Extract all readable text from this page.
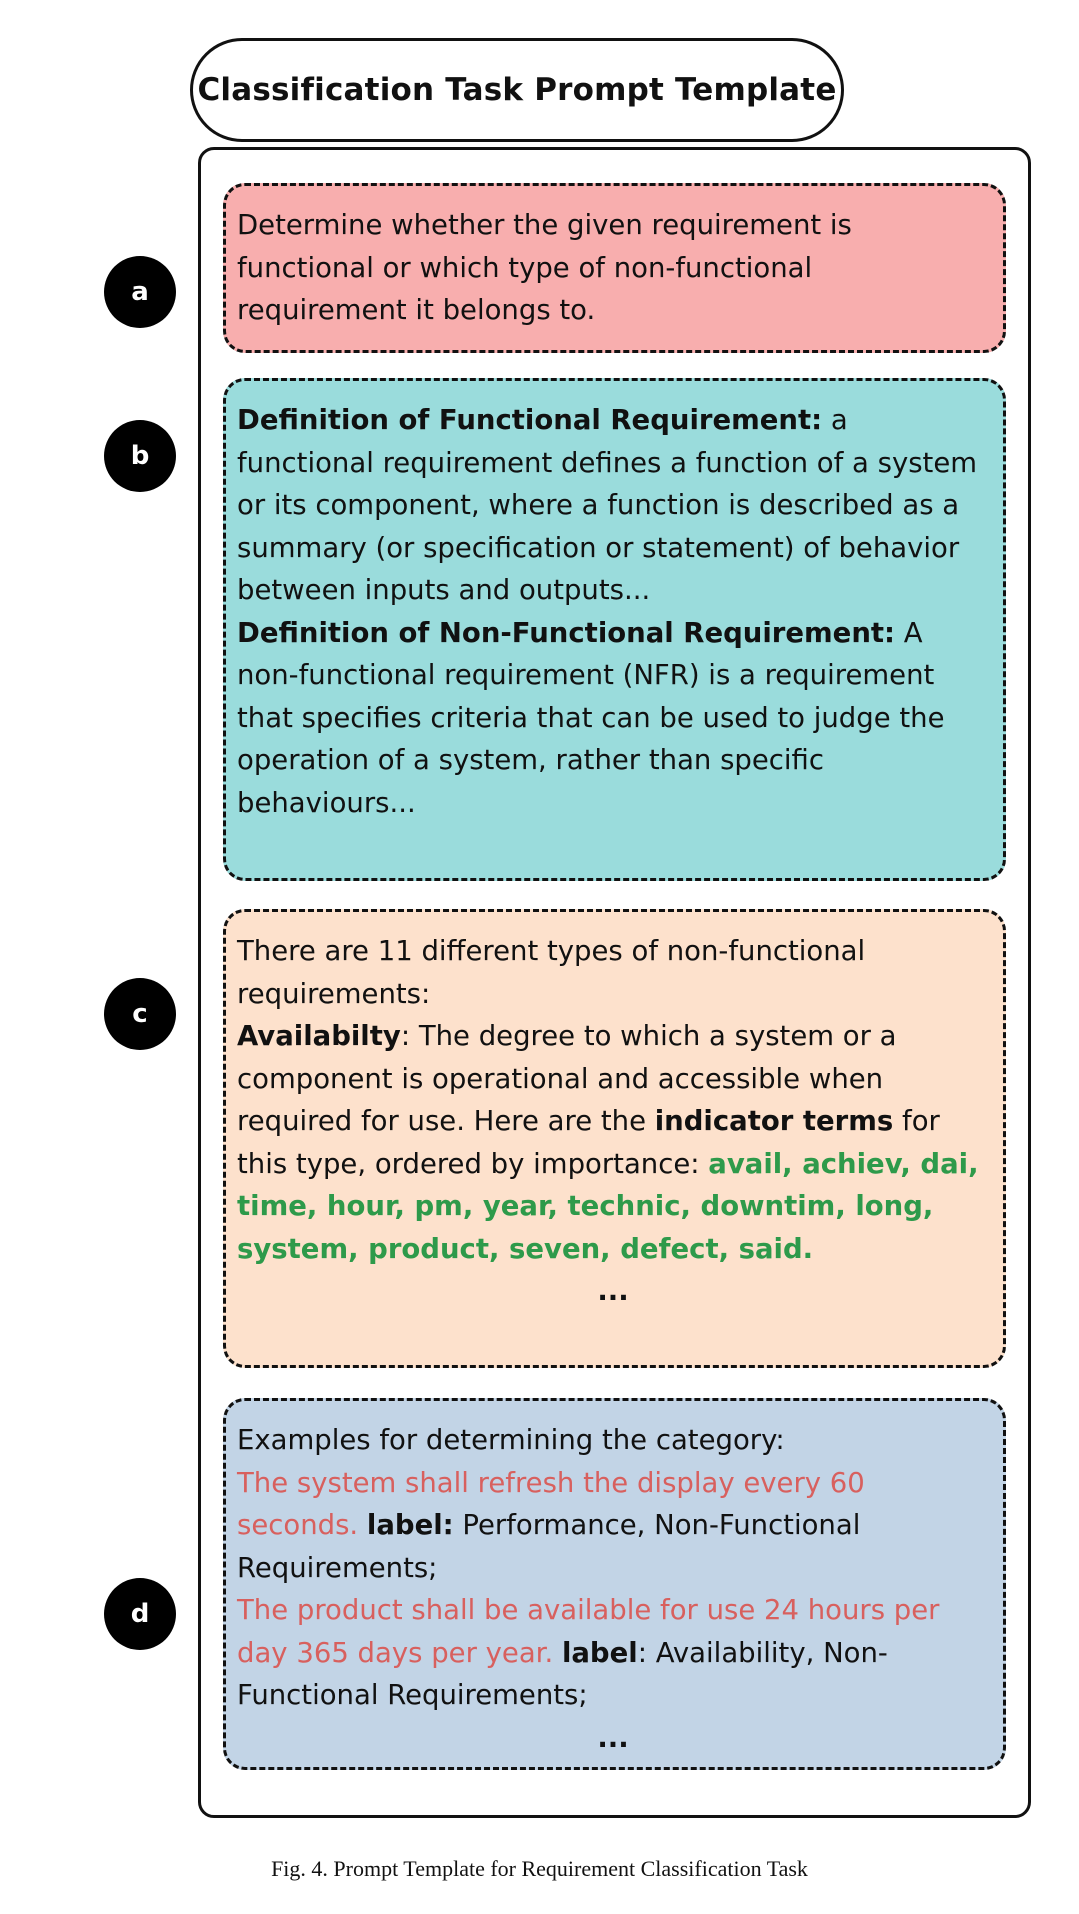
Classification Task Prompt Template
a
b
c
d

Determine whether the given requirement is functional or which type of non-functional requirement it belongs to.

Definition of Functional Requirement: a functional requirement defines a function of a system or its component, where a function is described as a summary (or specification or statement) of behavior between inputs and outputs...

Definition of Non-Functional Requirement: A non-functional requirement (NFR) is a requirement that specifies criteria that can be used to judge the operation of a system, rather than specific behaviours...

There are 11 different types of non-functional requirements:

Availabilty: The degree to which a system or a component is operational and accessible when required for use. Here are the indicator terms for this type, ordered by importance: avail, achiev, dai, time, hour, pm, year, technic, downtim, long, system, product, seven, defect, said.

...

Examples for determining the category:

The system shall refresh the display every 60 seconds. label: Performance, Non-Functional Requirements;

The product shall be available for use 24 hours per day 365 days per year. label: Availability, Non-Functional Requirements;

...

Fig. 4. Prompt Template for Requirement Classification Task
